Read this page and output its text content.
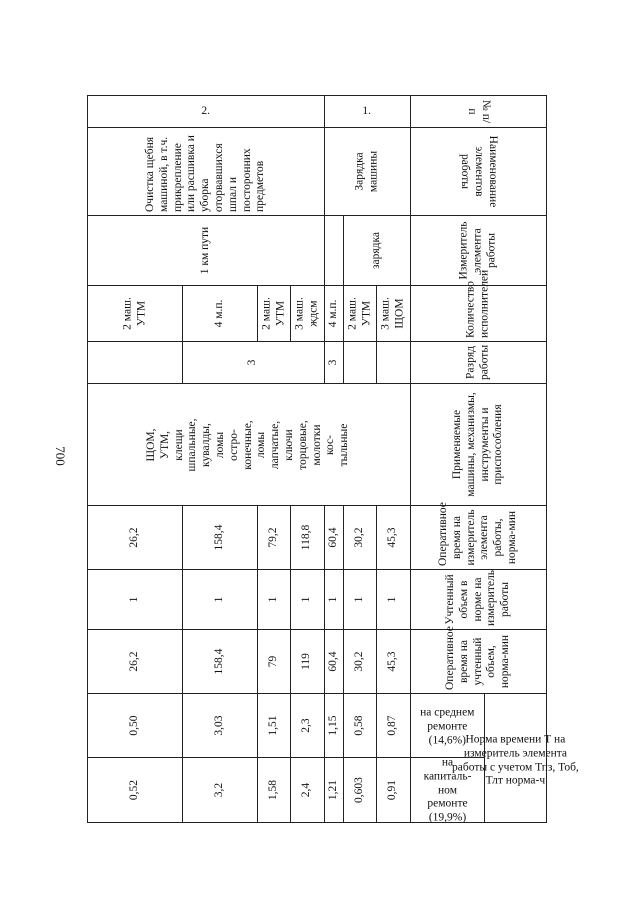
700
№ п/п	Наименование элементов работы	Измеритель элемента работы	Количество исполнителей	Разряд работы	Применяемые машины, механизмы, инструменты и приспособления	Оперативное время на измеритель элемента работы, норма-мин	Учтенный объем в норме на измеритель работы	Оперативное время на учтенный объем, норма-мин	Норма времени Т на измеритель элемента работы с учетом Тпз, Тоб, Тлт норма-ч	

									на среднем ремонте (14,6%)	на капиталь-ном ремонте (19,9%)

1.	Зарядка машины	зарядка	3 маш. ЩОМ		ЩОМ, УТМ, клещи шпальные, кувалды, ломы остро-конечные, ломы лапчатые, ключи торцовые, молотки кос-тыльные	45,3	1	45,3	0,87	0,91

			2 маш. УТМ			30,2	1	30,2	0,58	0,603

			4 м.п.	3		60,4	1	60,4	1,15	1,21

2.	Очистка щебня машиной, в т.ч. прикрепление или расшивка и уборка оторвавшихся шпал и посторонних предметов	1 км пути	3 маш. ждсм	3		118,8	1	119	2,3	2,4

			2 маш. УТМ			79,2	1	79	1,51	1,58

			4 м.п.			158,4	1	158,4	3,03	3,2

			2 маш. УТМ			26,2	1	26,2	0,50	0,52
